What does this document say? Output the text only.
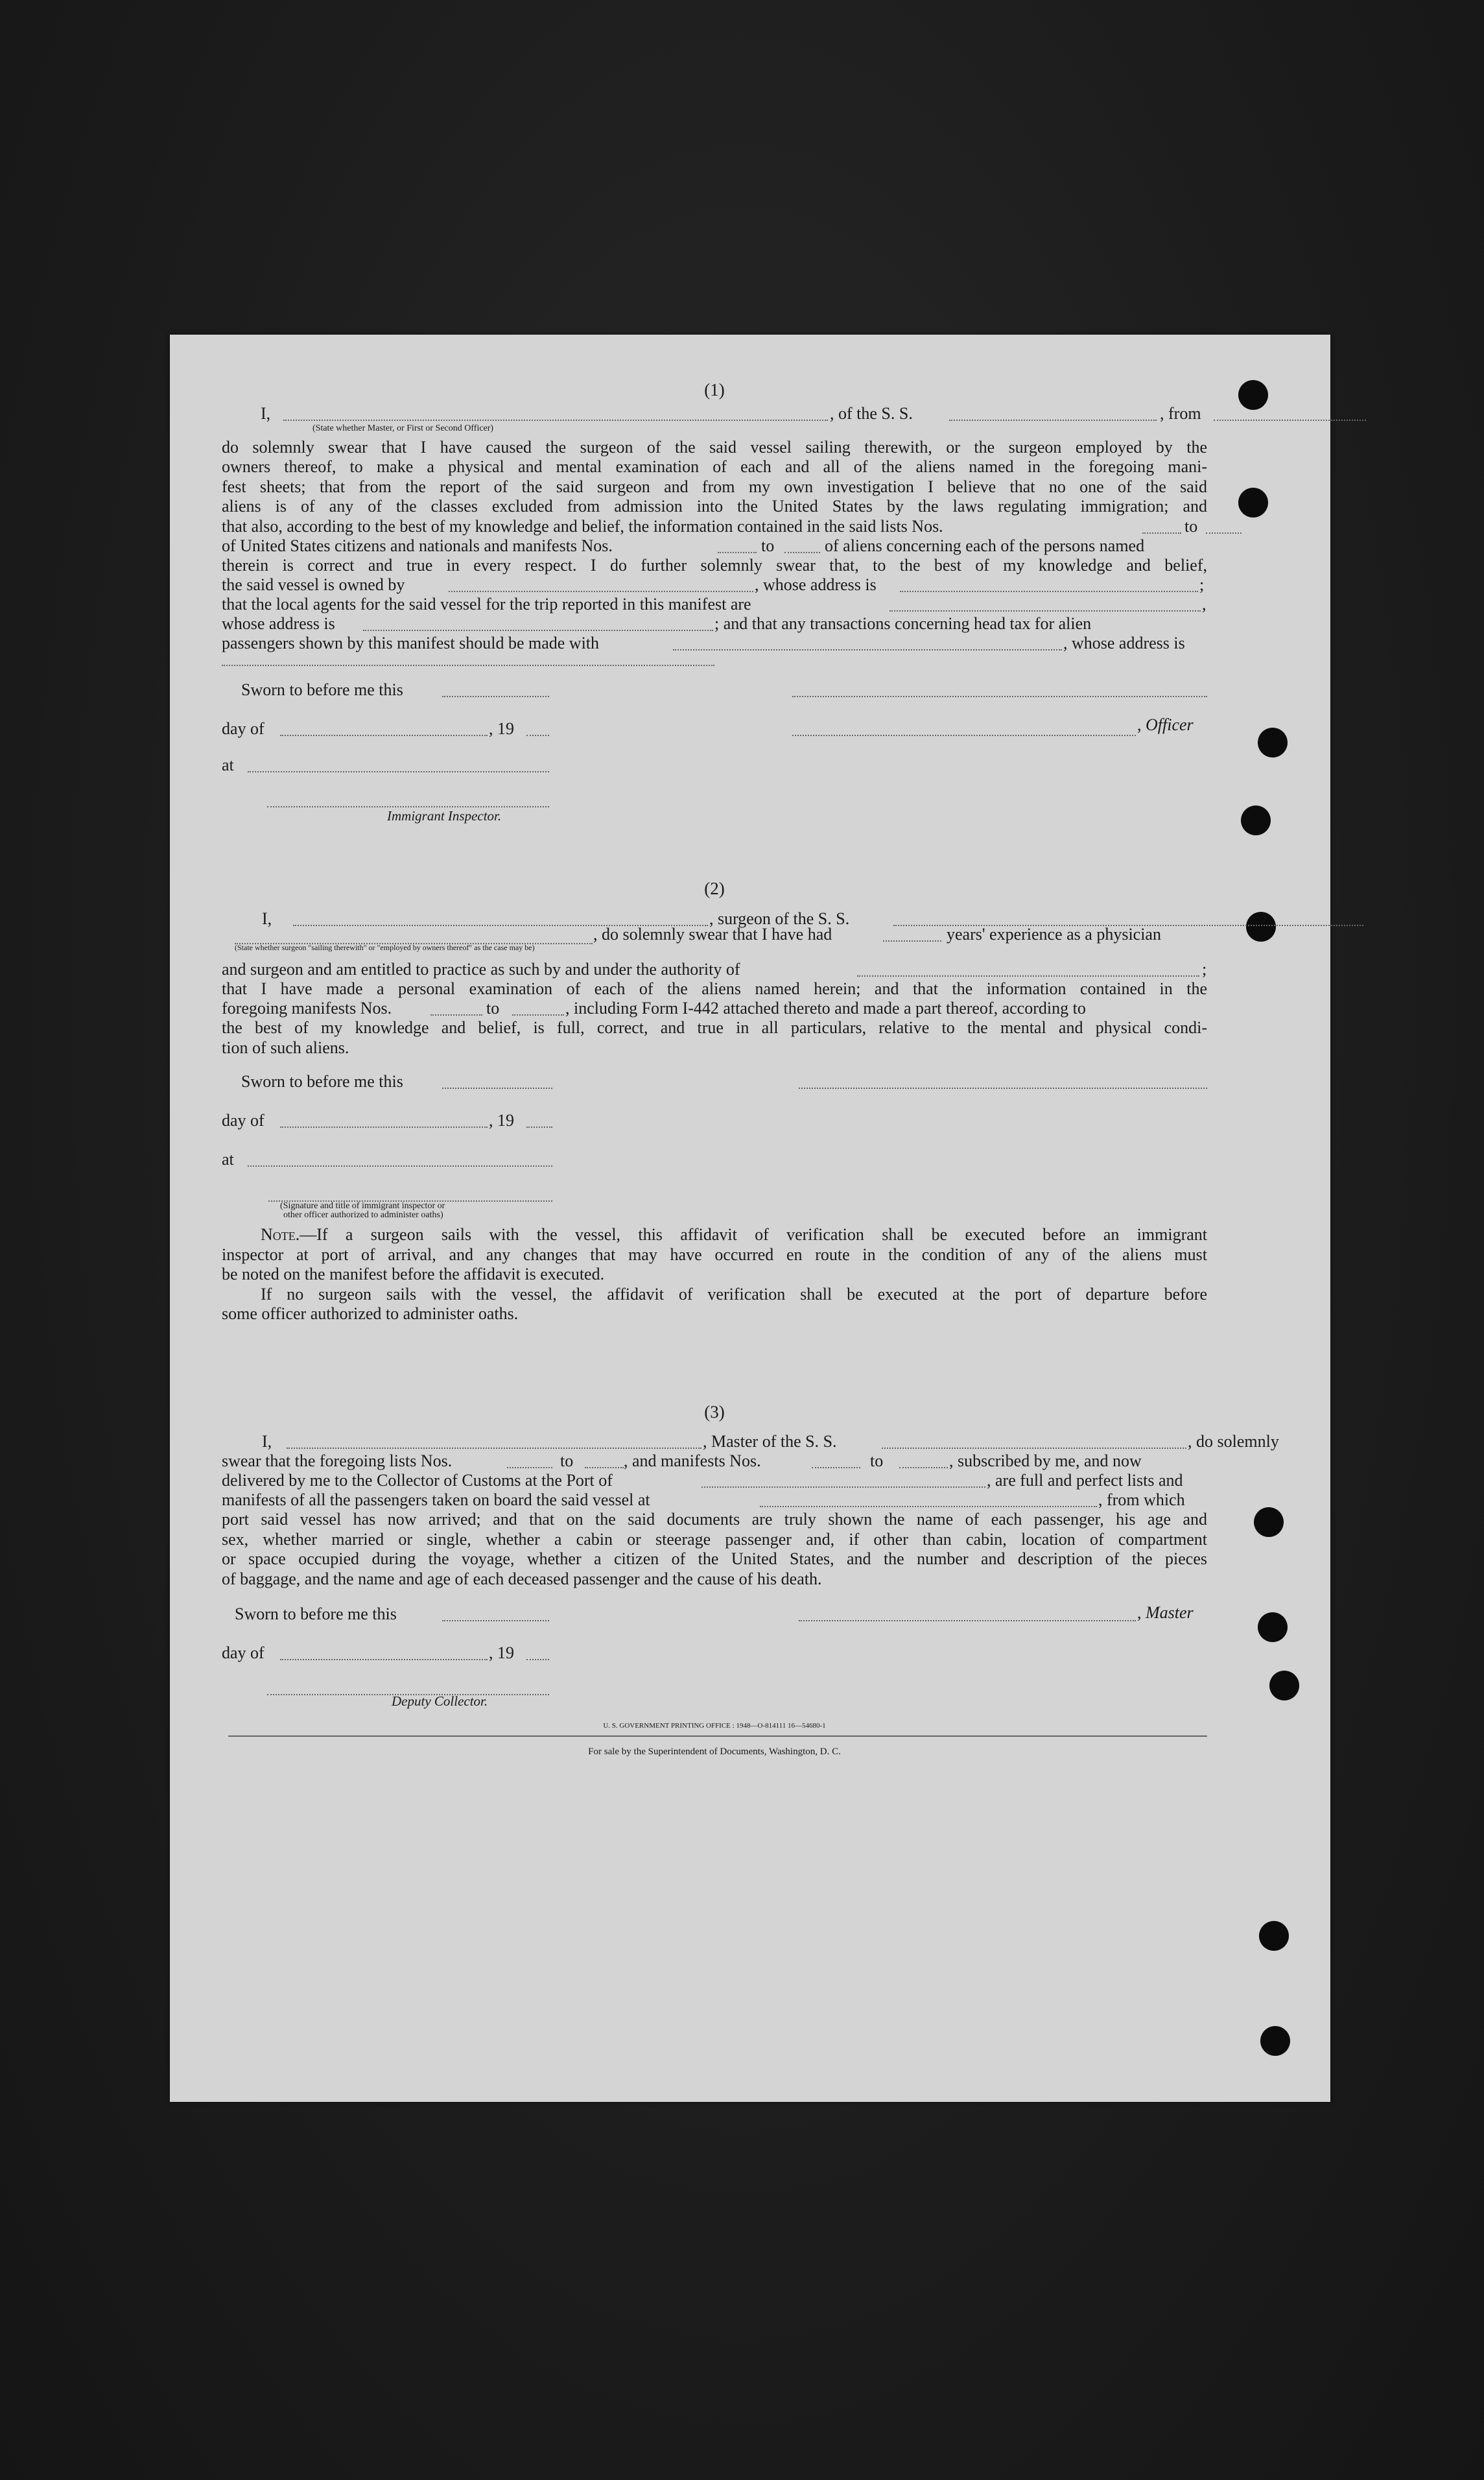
(1)
I,	, of the S. S.	, from	,
(State whether Master, or First or Second Officer)
do solemnly swear that I have caused the surgeon of the said vessel sailing therewith, or the surgeon employed by the
owners thereof, to make a physical and mental examination of each and all of the aliens named in the foregoing mani-
fest sheets; that from the report of the said surgeon and from my own investigation I believe that no one of the said
aliens is of any of the classes excluded from admission into the United States by the laws regulating immigration; and
that also, according to the best of my knowledge and belief, the information contained in the said lists Nos.	to
of United States citizens and nationals and manifests Nos.	to	of aliens concerning each of the persons named
therein is correct and true in every respect. I do further solemnly swear that, to the best of my knowledge and belief,
the said vessel is owned by	, whose address is	;
that the local agents for the said vessel for the trip reported in this manifest are	,
whose address is	; and that any transactions concerning head tax for alien
passengers shown by this manifest should be made with	, whose address is
Sworn to before me this
day of	, 19	, Officer
at
Immigrant Inspector.
(2)
I,	, surgeon of the S. S.	,
, do solemnly swear that I have had	years' experience as a physician
(State whether surgeon "sailing therewith" or "employed by owners thereof" as the case may be)
and surgeon and am entitled to practice as such by and under the authority of	;
that I have made a personal examination of each of the aliens named herein; and that the information contained in the
foregoing manifests Nos.	to	, including Form I-442 attached thereto and made a part thereof, according to
the best of my knowledge and belief, is full, correct, and true in all particulars, relative to the mental and physical condi-
tion of such aliens.
Sworn to before me this
day of	, 19
at
(Signature and title of immigrant inspector or
other officer authorized to administer oaths)
Note.—If a surgeon sails with the vessel, this affidavit of verification shall be executed before an immigrant
inspector at port of arrival, and any changes that may have occurred en route in the condition of any of the aliens must
be noted on the manifest before the affidavit is executed.
If no surgeon sails with the vessel, the affidavit of verification shall be executed at the port of departure before
some officer authorized to administer oaths.
(3)
I,	, Master of the S. S.	, do solemnly
swear that the foregoing lists Nos.	to	, and manifests Nos.	to	, subscribed by me, and now
delivered by me to the Collector of Customs at the Port of	, are full and perfect lists and
manifests of all the passengers taken on board the said vessel at	, from which
port said vessel has now arrived; and that on the said documents are truly shown the name of each passenger, his age and
sex, whether married or single, whether a cabin or steerage passenger and, if other than cabin, location of compartment
or space occupied during the voyage, whether a citizen of the United States, and the number and description of the pieces
of baggage, and the name and age of each deceased passenger and the cause of his death.
Sworn to before me this	, Master
day of	, 19
Deputy Collector.
U. S. GOVERNMENT PRINTING OFFICE : 1948—O-814111 16—54680-1
For sale by the Superintendent of Documents, Washington, D. C.
